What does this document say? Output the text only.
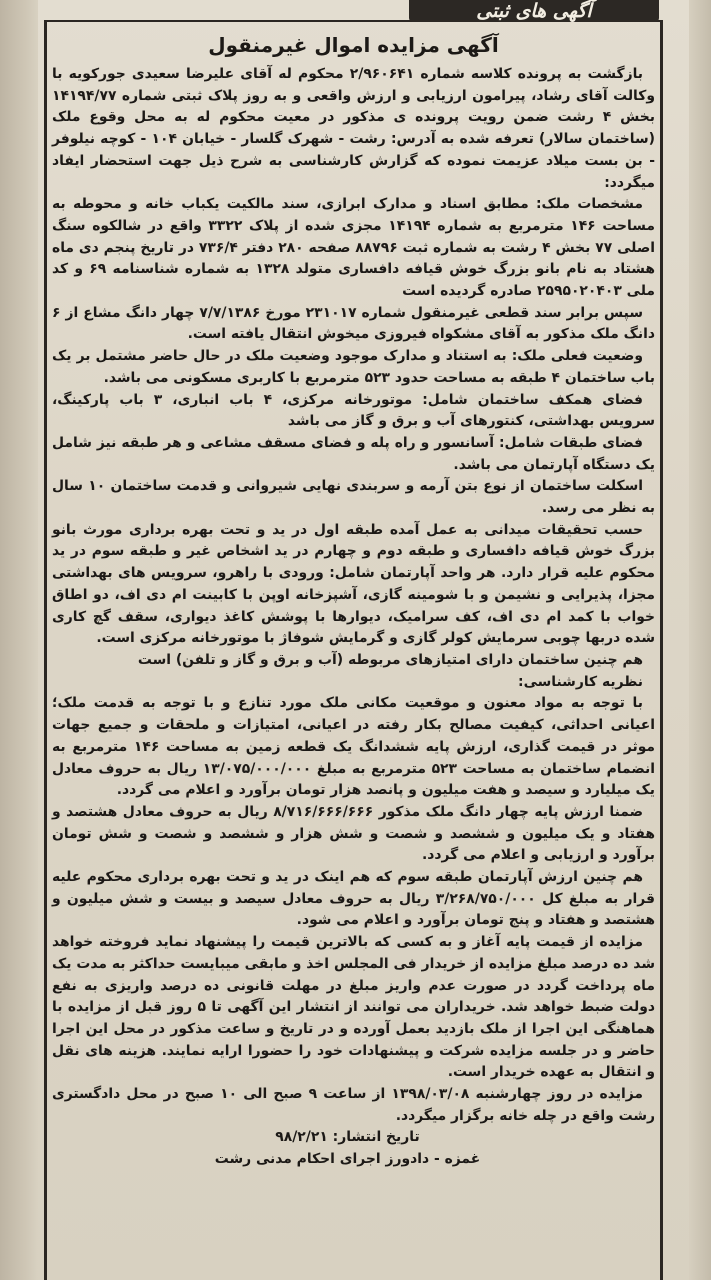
آگهی های ثبتی
آگهی مزایده اموال غیرمنقول

بازگشت به پرونده کلاسه شماره ۲/۹۶۰۶۴۱ محکوم له آقای علیرضا سعیدی جورکویه با وکالت آقای رشاد، پیرامون ارزیابی و ارزش واقعی و به روز پلاک ثبتی شماره ۱۴۱۹۴/۷۷ بخش ۴ رشت ضمن رویت پرونده ی مذکور در معیت محکوم له به محل وقوع ملک (ساختمان سالار) تعرفه شده به آدرس: رشت - شهرک گلسار - خیابان ۱۰۴ - کوچه نیلوفر - بن بست میلاد عزیمت نموده که گزارش کارشناسی به شرح ذیل جهت استحضار ایفاد میگردد:

مشخصات ملک: مطابق اسناد و مدارک ابرازی، سند مالکیت یکباب خانه و محوطه به مساحت ۱۴۶ مترمربع به شماره ۱۴۱۹۴ مجزی شده از پلاک ۳۳۲۲ واقع در شالکوه سنگ اصلی ۷۷ بخش ۴ رشت به شماره ثبت ۸۸۷۹۶ صفحه ۲۸۰ دفتر ۷۳۶/۴ در تاریخ پنجم دی ماه هشتاد به نام بانو بزرگ خوش قیافه دافساری متولد ۱۳۲۸ به شماره شناسنامه ۶۹ و کد ملی ۲۵۹۵۰۲۰۴۰۳ صادره گردیده است

سپس برابر سند قطعی غیرمنقول شماره ۲۳۱۰۱۷ مورخ ۷/۷/۱۳۸۶ چهار دانگ مشاع از ۶ دانگ ملک مذکور به آقای مشکواه فیروزی میخوش انتقال یافته است.

وضعیت فعلی ملک: به استناد و مدارک موجود وضعیت ملک در حال حاضر مشتمل بر یک باب ساختمان ۴ طبقه به مساحت حدود ۵۲۳ مترمربع با کاربری مسکونی می باشد.

فضای همکف ساختمان شامل: موتورخانه مرکزی، ۴ باب انباری، ۳ باب پارکینگ، سرویس بهداشتی، کنتورهای آب و برق و گاز می باشد

فضای طبقات شامل: آسانسور و راه پله و فضای مسقف مشاعی و هر طبقه نیز شامل یک دستگاه آپارتمان می باشد.

اسکلت ساختمان از نوع بتن آرمه و سربندی نهایی شیروانی و قدمت ساختمان ۱۰ سال به نظر می رسد.

حسب تحقیقات میدانی به عمل آمده طبقه اول در ید و تحت بهره برداری مورث بانو بزرگ خوش قیافه دافساری و طبقه دوم و چهارم در ید اشخاص غیر و طبقه سوم در ید محکوم علیه قرار دارد. هر واحد آپارتمان شامل: ورودی با راهرو، سرویس های بهداشتی مجزا، پذیرایی و نشیمن و با شومینه گازی، آشپزخانه اوپن با کابینت ام دی اف، دو اطاق خواب با کمد ام دی اف، کف سرامیک، دیوارها با پوشش کاغذ دیواری، سقف گچ کاری شده دربها چوبی سرمایش کولر گازی و گرمایش شوفاژ با موتورخانه مرکزی است.

هم چنین ساختمان دارای امتیازهای مربوطه (آب و برق و گاز و تلفن) است

نظریه کارشناسی:

با توجه به مواد معنون و موقعیت مکانی ملک مورد تنازع و با توجه به قدمت ملک؛ اعیانی احداثی، کیفیت مصالح بکار رفته در اعیانی، امتیازات و ملحقات و جمیع جهات موثر در قیمت گذاری، ارزش پایه ششدانگ یک قطعه زمین به مساحت ۱۴۶ مترمربع به انضمام ساختمان به مساحت ۵۲۳ مترمربع به مبلغ ۱۳/۰۷۵/۰۰۰/۰۰۰ ریال به حروف معادل یک میلیارد و سیصد و هفت میلیون و پانصد هزار تومان برآورد و اعلام می گردد.

ضمنا ارزش پایه چهار دانگ ملک مذکور ۸/۷۱۶/۶۶۶/۶۶۶ ریال به حروف معادل هشتصد و هفتاد و یک میلیون و ششصد و شصت و شش هزار و ششصد و شصت و شش تومان برآورد و ارزیابی و اعلام می گردد.

هم چنین ارزش آپارتمان طبقه سوم که هم اینک در ید و تحت بهره برداری محکوم علیه قرار به مبلغ کل ۳/۲۶۸/۷۵۰/۰۰۰ ریال به حروف معادل سیصد و بیست و شش میلیون و هشتصد و هفتاد و پنج تومان برآورد و اعلام می شود.

مزایده از قیمت پایه آغاز و به کسی که بالاترین قیمت را پیشنهاد نماید فروخته خواهد شد ده درصد مبلغ مزایده از خریدار فی المجلس اخذ و مابقی میبایست حداکثر به مدت یک ماه پرداخت گردد در صورت عدم واریز مبلغ در مهلت قانونی ده درصد واریزی به نفع دولت ضبط خواهد شد. خریداران می توانند از انتشار این آگهی تا ۵ روز قبل از مزایده با هماهنگی این اجرا از ملک بازدید بعمل آورده و در تاریخ و ساعت مذکور در محل این اجرا حاضر و در جلسه مزایده شرکت و پیشنهادات خود را حضورا ارایه نمایند. هزینه های نقل و انتقال به عهده خریدار است.

مزایده در روز چهارشنبه ۱۳۹۸/۰۳/۰۸ از ساعت ۹ صبح الی ۱۰ صبح در محل دادگستری رشت واقع در چله خانه برگزار میگردد.

تاریخ انتشار: ۹۸/۲/۲۱

غمزه - دادورز اجرای احکام مدنی رشت
